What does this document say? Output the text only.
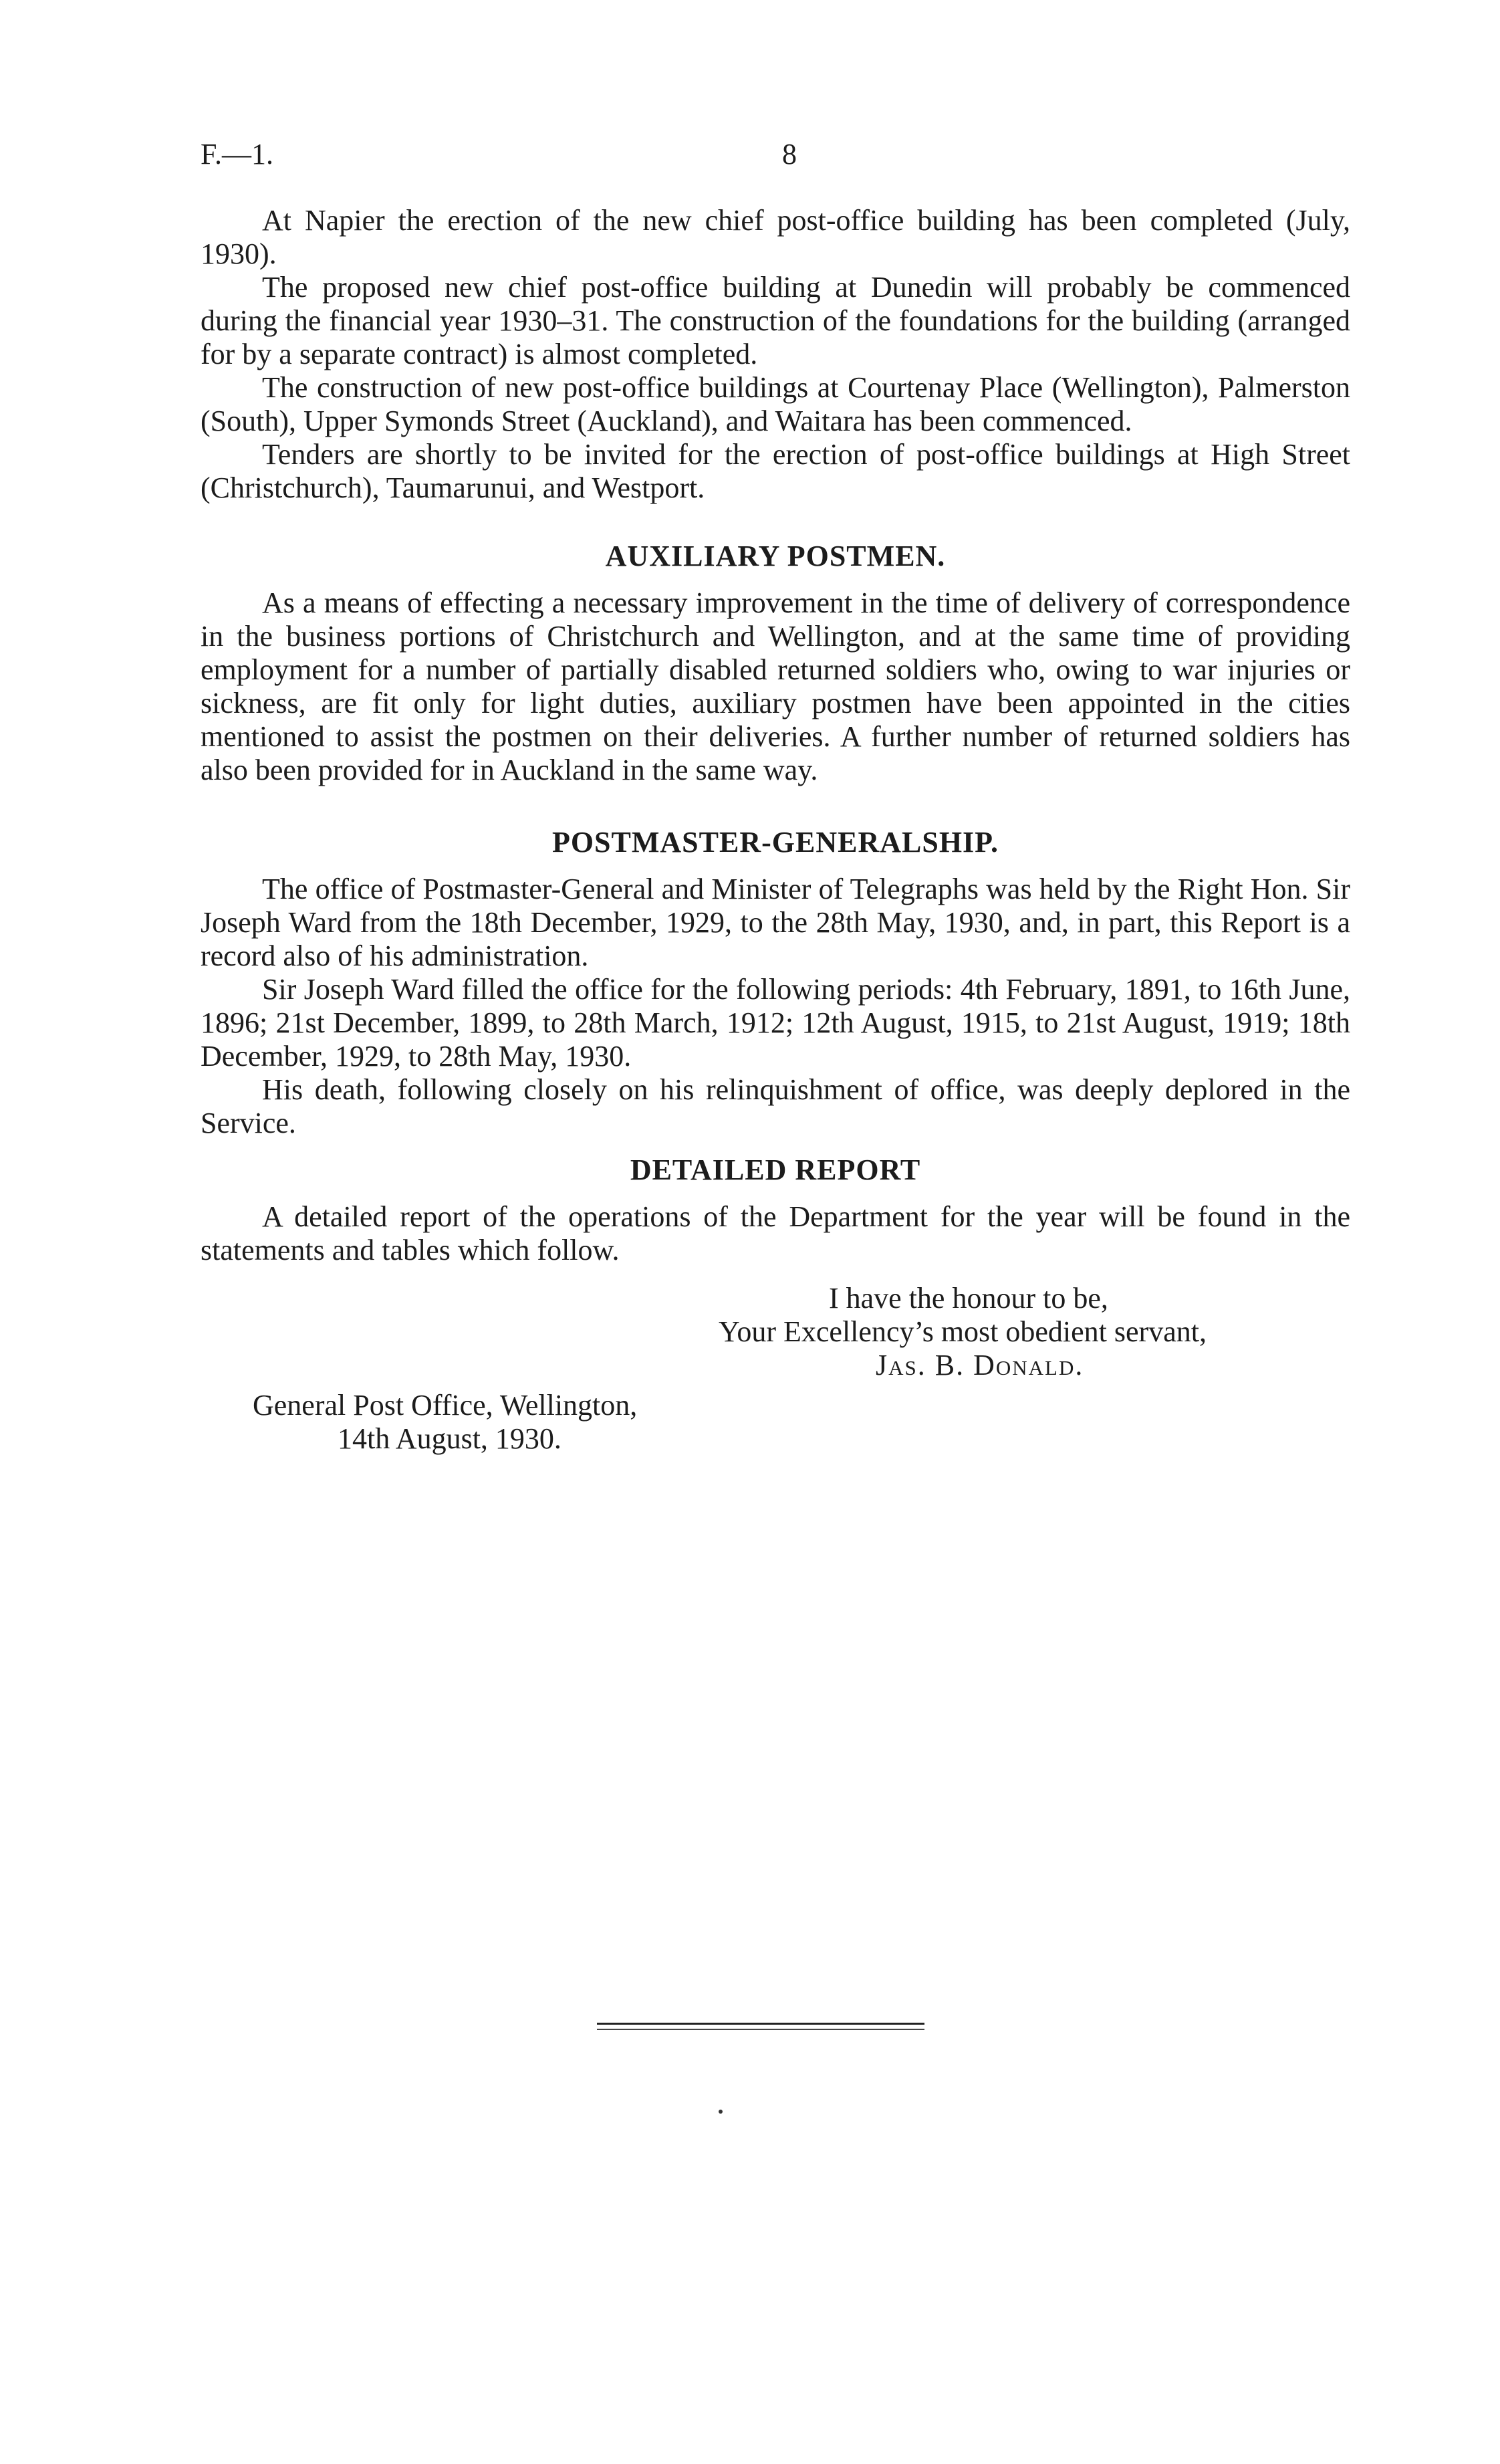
F.—1.	8

At Napier the erection of the new chief post-office building has been completed (July, 1930).

The proposed new chief post-office building at Dunedin will probably be commenced during the financial year 1930–31. The construction of the foundations for the building (arranged for by a separate contract) is almost completed.

The construction of new post-office buildings at Courtenay Place (Wellington), Palmerston (South), Upper Symonds Street (Auckland), and Waitara has been commenced.

Tenders are shortly to be invited for the erection of post-office buildings at High Street (Christchurch), Taumarunui, and Westport.

AUXILIARY POSTMEN.

As a means of effecting a necessary improvement in the time of delivery of correspondence in the business portions of Christchurch and Wellington, and at the same time of providing employment for a number of partially disabled returned soldiers who, owing to war injuries or sickness, are fit only for light duties, auxiliary postmen have been appointed in the cities mentioned to assist the postmen on their deliveries. A further number of returned soldiers has also been provided for in Auckland in the same way.

POSTMASTER-GENERALSHIP.

The office of Postmaster-General and Minister of Telegraphs was held by the Right Hon. Sir Joseph Ward from the 18th December, 1929, to the 28th May, 1930, and, in part, this Report is a record also of his administration.

Sir Joseph Ward filled the office for the following periods: 4th February, 1891, to 16th June, 1896; 21st December, 1899, to 28th March, 1912; 12th August, 1915, to 21st August, 1919; 18th December, 1929, to 28th May, 1930.

His death, following closely on his relinquishment of office, was deeply deplored in the Service.

DETAILED REPORT

A detailed report of the operations of the Department for the year will be found in the statements and tables which follow.

I have the honour to be,
Your Excellency’s most obedient servant,
Jas. B. Donald.
General Post Office, Wellington,
14th August, 1930.
